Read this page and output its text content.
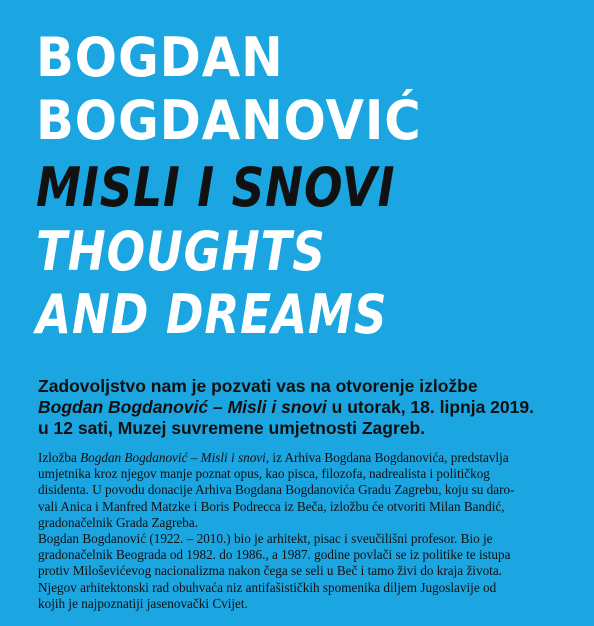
BOGDAN
BOGDANOVIĆ
MISLI I SNOVI
THOUGHTS
AND DREAMS

Zadovoljstvo nam je pozvati vas na otvorenje izložbe
Bogdan Bogdanović – Misli i snovi u utorak, 18. lipnja 2019.
u 12 sati, Muzej suvremene umjetnosti Zagreb.

Izložba Bogdan Bogdanović – Misli i snovi, iz Arhiva Bogdana Bogdanovića, predstavlja
umjetnika kroz njegov manje poznat opus, kao pisca, filozofa, nadrealista i političkog
disidenta. U povodu donacije Arhiva Bogdana Bogdanovića Gradu Zagrebu, koju su daro-
vali Anica i Manfred Matzke i Boris Podrecca iz Beča, izložbu će otvoriti Milan Bandić,
gradonačelnik Grada Zagreba.
Bogdan Bogdanović (1922. – 2010.) bio je arhitekt, pisac i sveučilišni profesor. Bio je
gradonačelnik Beograda od 1982. do 1986., a 1987. godine povlači se iz politike te istupa
protiv Miloševićevog nacionalizma nakon čega se seli u Beč i tamo živi do kraja života.
Njegov arhitektonski rad obuhvaća niz antifašističkih spomenika diljem Jugoslavije od
kojih je najpoznatiji jasenovački Cvijet.
